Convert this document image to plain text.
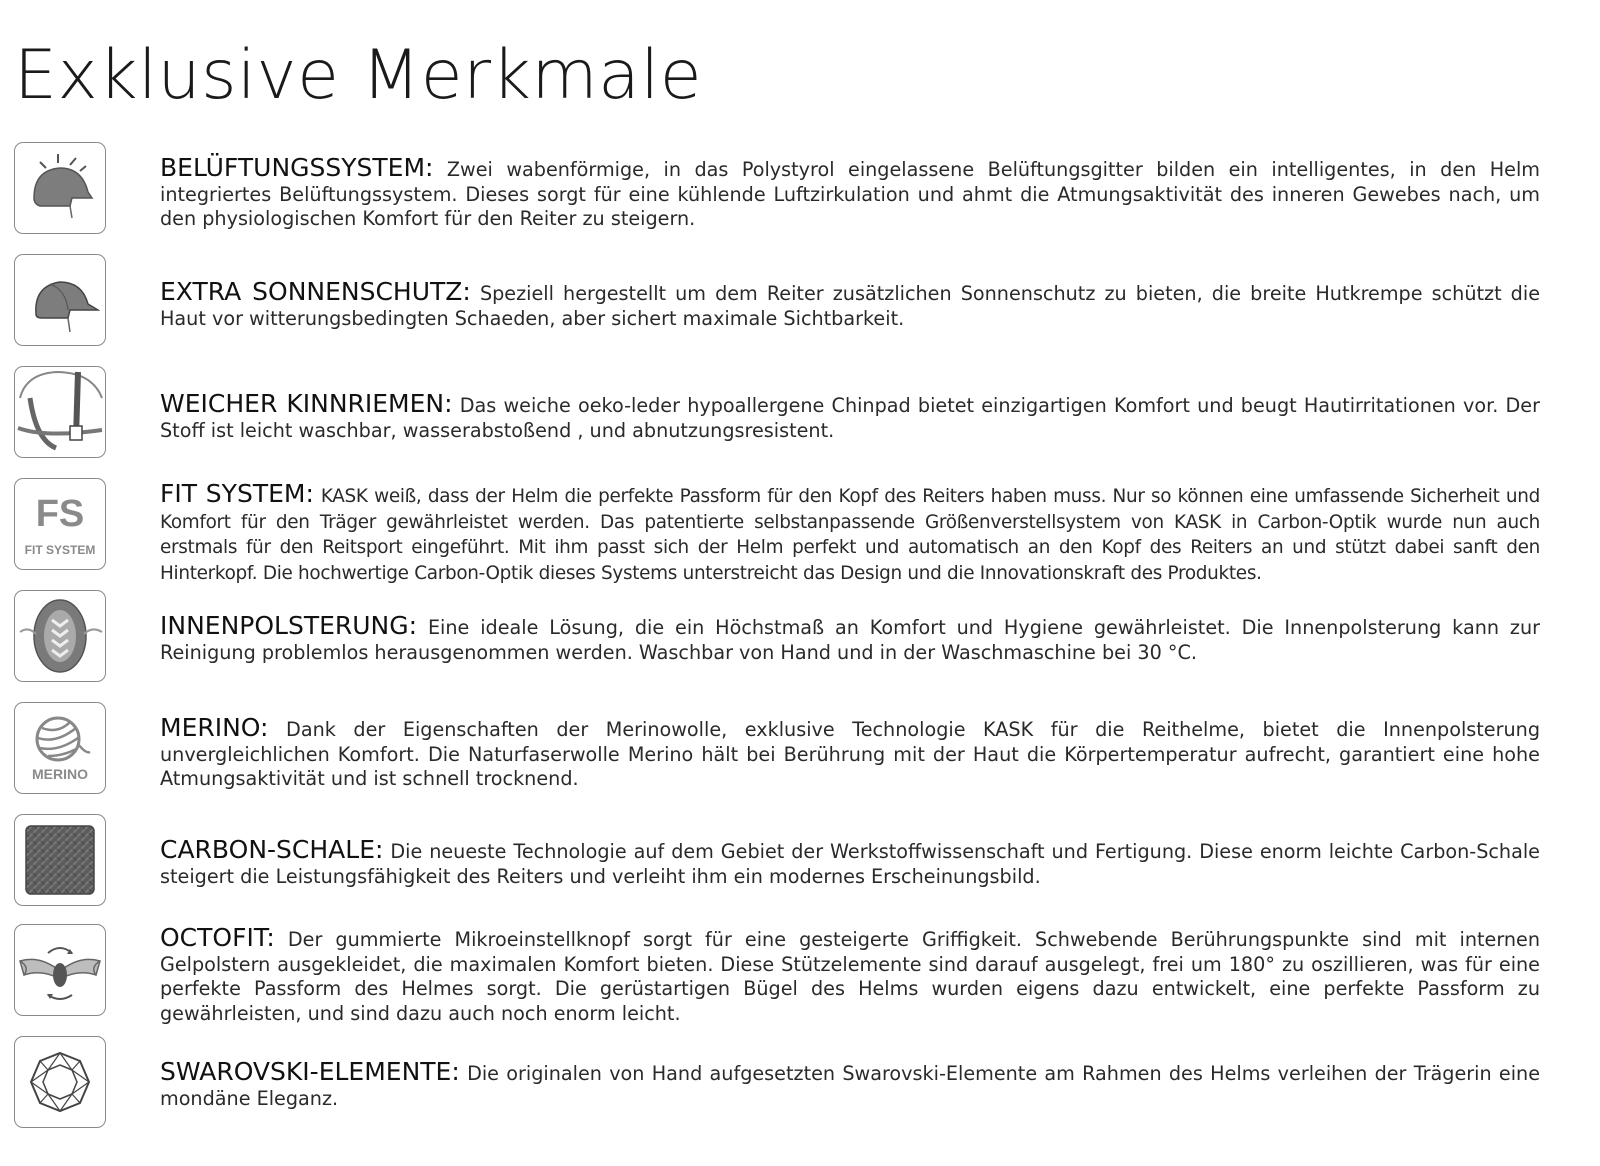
Exklusive Merkmale

BELÜFTUNGSSYSTEM: Zwei wabenförmige, in das Polystyrol eingelassene Belüftungsgitter bilden ein intelligentes, in den Helm integriertes Belüftungssystem. Dieses sorgt für eine kühlende Luftzirkulation und ahmt die Atmungsaktivität des inneren Gewebes nach, um den physiologischen Komfort für den Reiter zu steigern.

EXTRA SONNENSCHUTZ: Speziell hergestellt um dem Reiter zusätzlichen Sonnenschutz zu bieten, die breite Hutkrempe schützt die Haut vor witterungsbedingten Schaeden, aber sichert maximale Sichtbarkeit.

WEICHER KINNRIEMEN: Das weiche oeko-leder hypoallergene Chinpad bietet einzigartigen Komfort und beugt Hautirritationen vor. Der Stoff ist leicht waschbar, wasserabstoßend , und abnutzungsresistent.

FS
FIT SYSTEM

FIT SYSTEM: KASK weiß, dass der Helm die perfekte Passform für den Kopf des Reiters haben muss. Nur so können eine umfassende Sicherheit und Komfort für den Träger gewährleistet werden. Das patentierte selbstanpassende Größenverstellsystem von KASK in Carbon-Optik wurde nun auch erstmals für den Reitsport eingeführt. Mit ihm passt sich der Helm perfekt und automatisch an den Kopf des Reiters an und stützt dabei sanft den Hinterkopf. Die hochwertige Carbon-Optik dieses Systems unterstreicht das Design und die Innovationskraft des Produktes.

INNENPOLSTERUNG: Eine ideale Lösung, die ein Höchstmaß an Komfort und Hygiene gewährleistet. Die Innenpolsterung kann zur Reinigung problemlos herausgenommen werden. Waschbar von Hand und in der Waschmaschine bei 30 °C.

MERINO

MERINO: Dank der Eigenschaften der Merinowolle, exklusive Technologie KASK für die Reithelme, bietet die Innenpolsterung unvergleichlichen Komfort. Die Naturfaserwolle Merino hält bei Berührung mit der Haut die Körpertemperatur aufrecht, garantiert eine hohe Atmungsaktivität und ist schnell trocknend.

CARBON-SCHALE: Die neueste Technologie auf dem Gebiet der Werkstoffwissenschaft und Fertigung. Diese enorm leichte Carbon-Schale steigert die Leistungsfähigkeit des Reiters und verleiht ihm ein modernes Erscheinungsbild.

OCTOFIT: Der gummierte Mikroeinstellknopf sorgt für eine gesteigerte Griffigkeit. Schwebende Berührungspunkte sind mit internen Gelpolstern ausgekleidet, die maximalen Komfort bieten. Diese Stützelemente sind darauf ausgelegt, frei um 180° zu oszillieren, was für eine perfekte Passform des Helmes sorgt. Die gerüstartigen Bügel des Helms wurden eigens dazu entwickelt, eine perfekte Passform zu gewährleisten, und sind dazu auch noch enorm leicht.

SWAROVSKI-ELEMENTE: Die originalen von Hand aufgesetzten Swarovski-Elemente am Rahmen des Helms verleihen der Trägerin eine mondäne Eleganz.
